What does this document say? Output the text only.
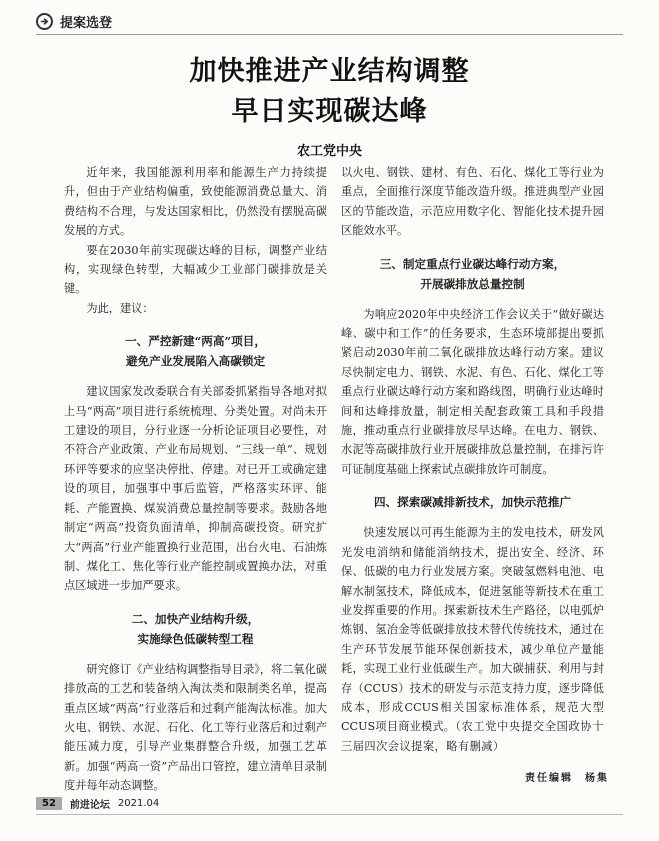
提案选登
加快推进产业结构调整
早日实现碳达峰
农工党中央

近年来，我国能源利用率和能源生产力持续提升，但由于产业结构偏重，致使能源消费总量大、消费结构不合理，与发达国家相比，仍然没有摆脱高碳发展的方式。

要在2030年前实现碳达峰的目标，调整产业结构，实现绿色转型，大幅减少工业部门碳排放是关键。

为此，建议：

一、严控新建“两高”项目，
避免产业发展陷入高碳锁定

建议国家发改委联合有关部委抓紧指导各地对拟上马“两高”项目进行系统梳理、分类处置。对尚未开工建设的项目，分行业逐一分析论证项目必要性，对不符合产业政策、产业布局规划、“三线一单”、规划环评等要求的应坚决停批、停建。对已开工或确定建设的项目，加强事中事后监管，严格落实环评、能耗、产能置换、煤炭消费总量控制等要求。鼓励各地制定“两高”投资负面清单，抑制高碳投资。研究扩大“两高”行业产能置换行业范围，出台火电、石油炼制、煤化工、焦化等行业产能控制或置换办法，对重点区域进一步加严要求。

二、加快产业结构升级，
实施绿色低碳转型工程

研究修订《产业结构调整指导目录》，将二氧化碳排放高的工艺和装备纳入淘汰类和限制类名单，提高重点区域“两高”行业落后和过剩产能淘汰标准。加大火电、钢铁、水泥、石化、化工等行业落后和过剩产能压减力度，引导产业集群整合升级，加强工艺革新。加强“两高一资”产品出口管控，建立清单目录制度并每年动态调整。

以火电、钢铁、建材、有色、石化、煤化工等行业为重点，全面推行深度节能改造升级。推进典型产业园区的节能改造，示范应用数字化、智能化技术提升园区能效水平。

三、制定重点行业碳达峰行动方案，
开展碳排放总量控制

为响应2020年中央经济工作会议关于“做好碳达峰、碳中和工作”的任务要求，生态环境部提出要抓紧启动2030年前二氧化碳排放达峰行动方案。建议尽快制定电力、钢铁、水泥、有色、石化、煤化工等重点行业碳达峰行动方案和路线图，明确行业达峰时间和达峰排放量，制定相关配套政策工具和手段措施，推动重点行业碳排放尽早达峰。在电力、钢铁、水泥等高碳排放行业开展碳排放总量控制，在排污许可证制度基础上探索试点碳排放许可制度。

四、探索碳减排新技术，加快示范推广

快速发展以可再生能源为主的发电技术，研发风光发电消纳和储能消纳技术，提出安全、经济、环保、低碳的电力行业发展方案。突破氢燃料电池、电解水制氢技术，降低成本，促进氢能等新技术在重工业发挥重要的作用。探索新技术生产路径，以电弧炉炼钢、氢冶金等低碳排放技术替代传统技术，通过在生产环节发展节能环保创新技术，减少单位产量能耗，实现工业行业低碳生产。加大碳捕获、利用与封存（CCUS）技术的研发与示范支持力度，逐步降低成本，形成CCUS相关国家标准体系，规范大型CCUS项目商业模式。（农工党中央提交全国政协十三届四次会议提案，略有删减）

责任编辑　杨集
52	前进论坛 2021.04
